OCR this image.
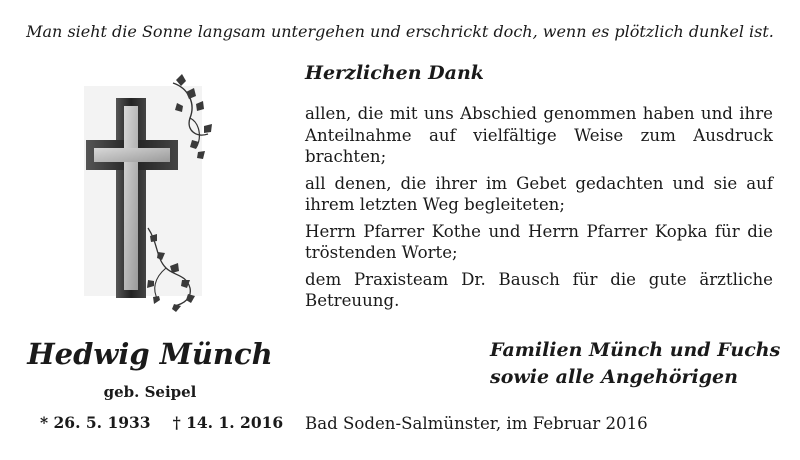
Man sieht die Sonne langsam untergehen und erschrickt doch, wenn es plötzlich dunkel ist.
Herzlichen Dank

allen, die mit uns Abschied genommen haben und ihre Anteilnahme auf vielfältige Weise zum Ausdruck brachten;

all denen, die ihrer im Gebet gedachten und sie auf ihrem letzten Weg begleiteten;

Herrn Pfarrer Kothe und Herrn Pfarrer Kopka für die tröstenden Worte;

dem Praxisteam Dr. Bausch für die gute ärztliche Betreuung.

Hedwig Münch
geb. Seipel
* 26. 5. 1933 † 14. 1. 2016
Familien Münch und Fuchs
sowie alle Angehörigen
Bad Soden-Salmünster, im Februar 2016
